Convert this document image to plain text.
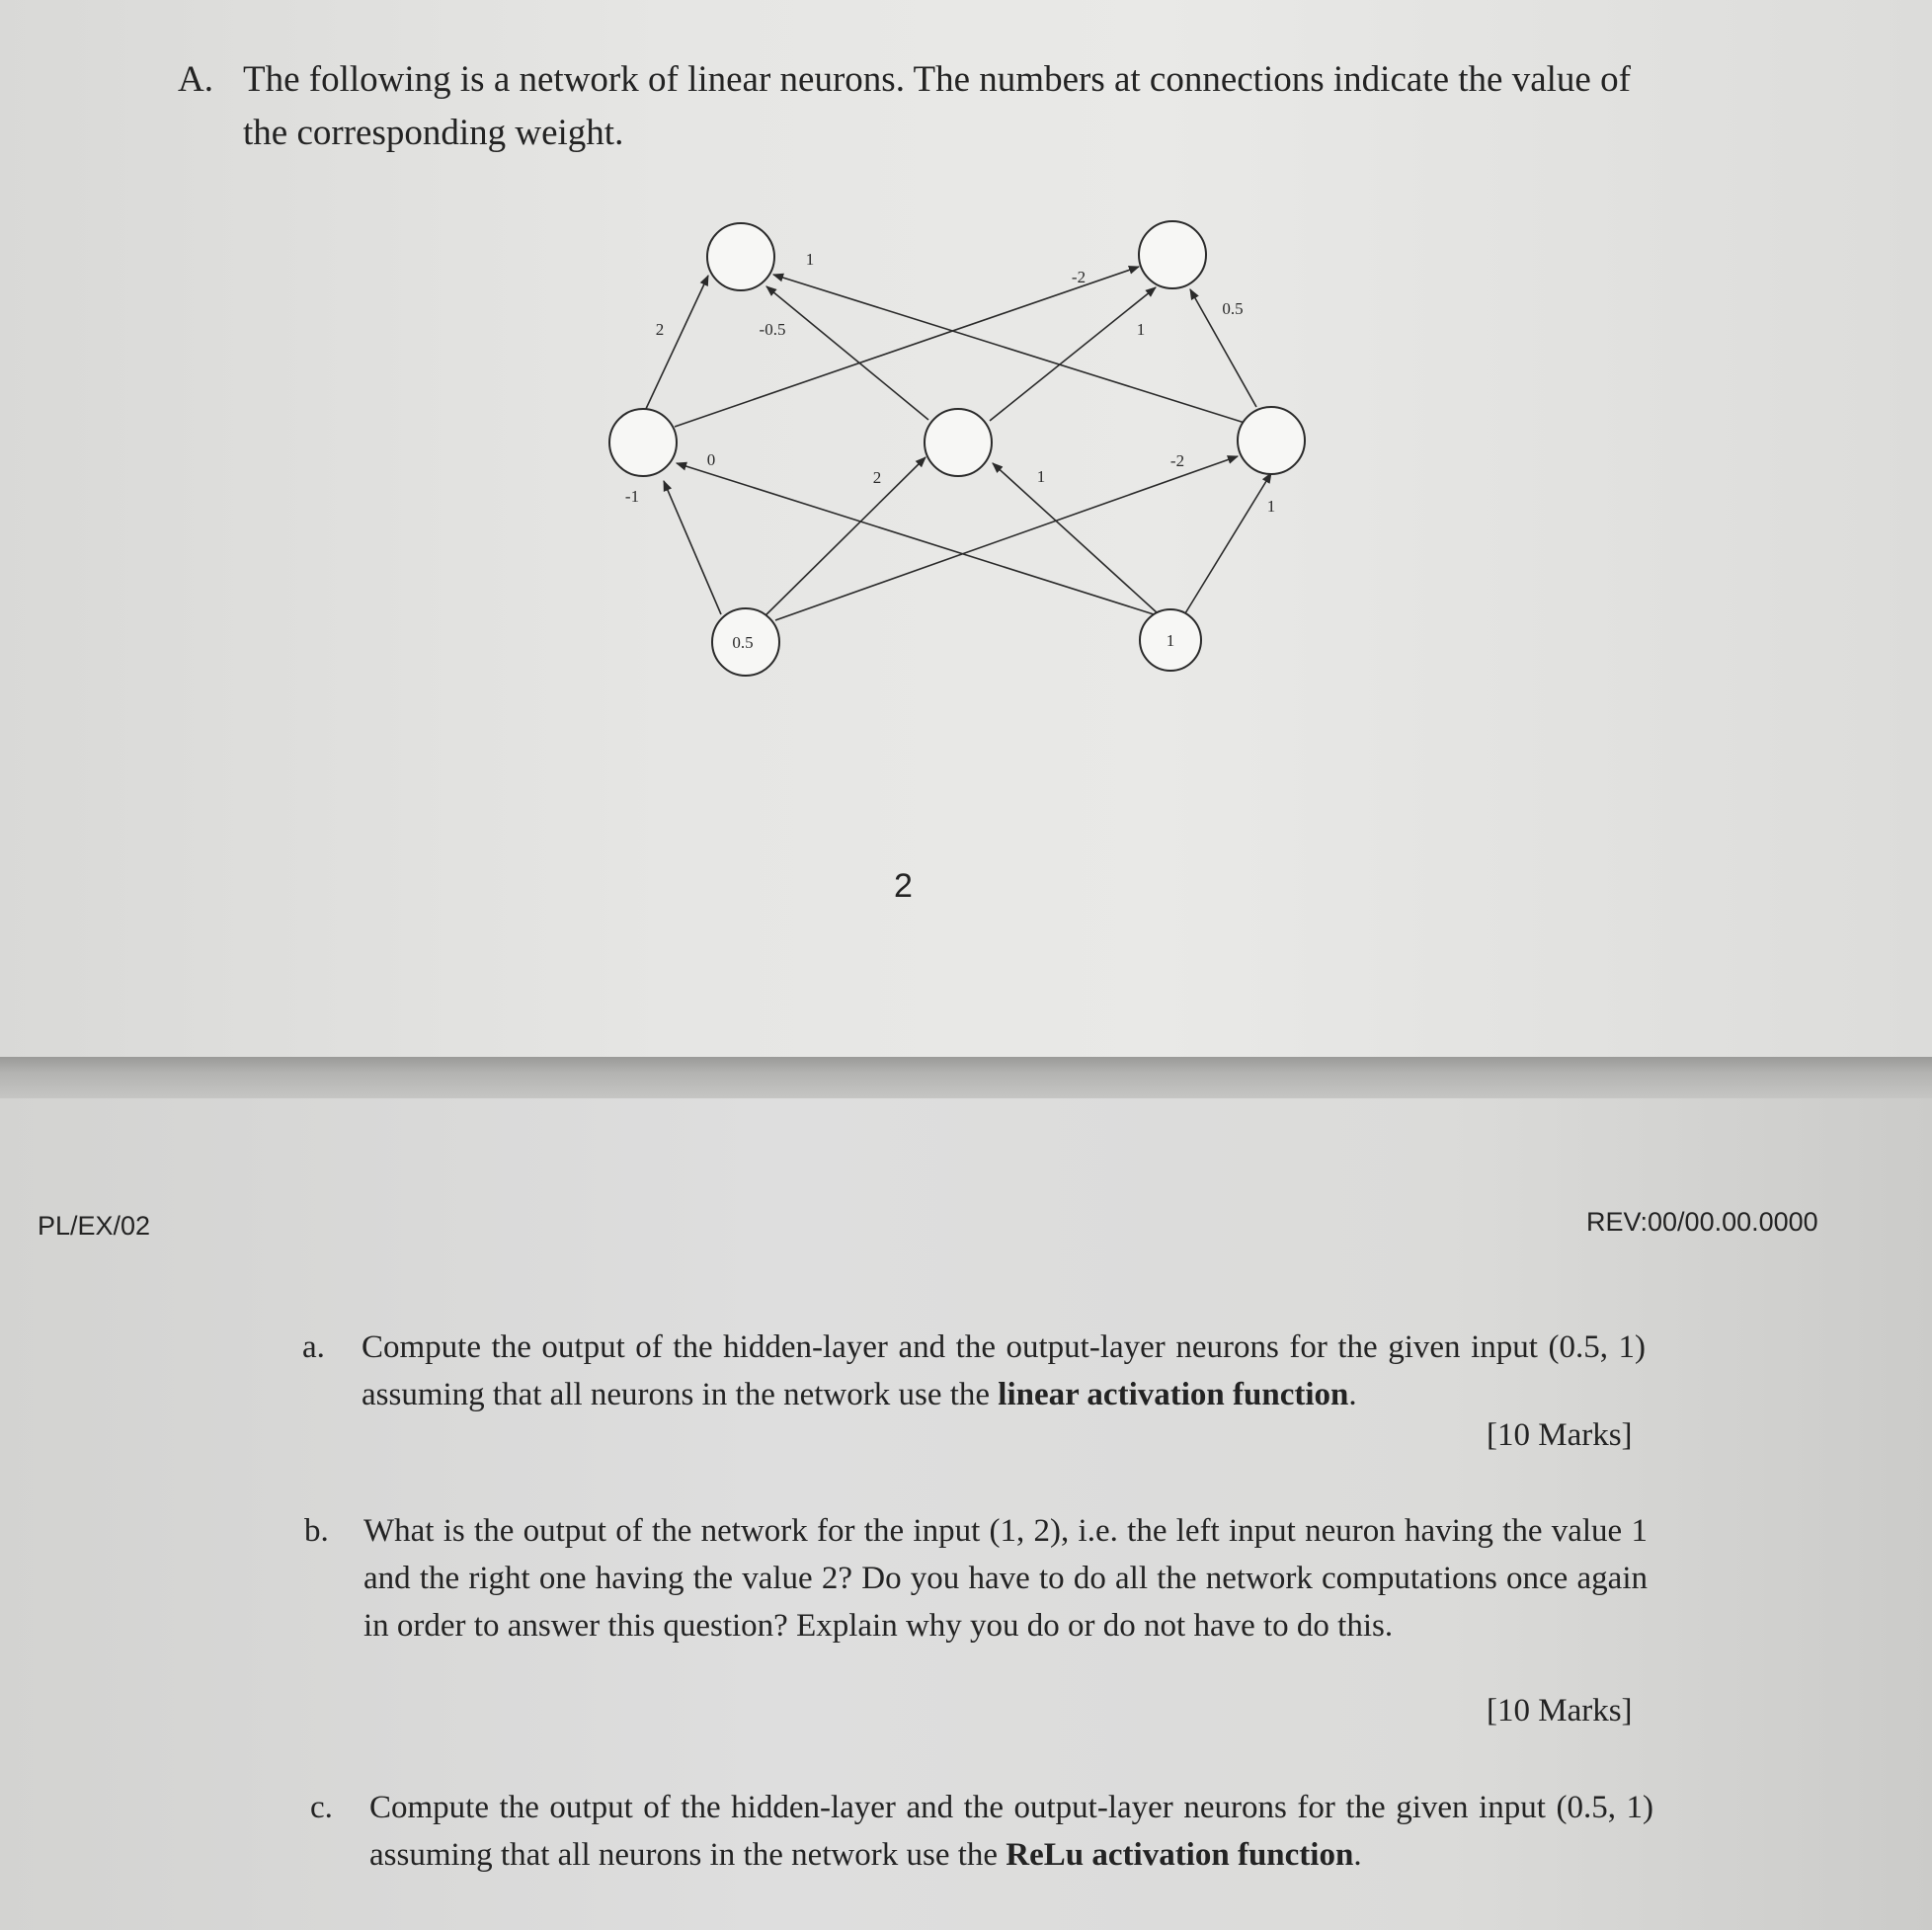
A. The following is a network of linear neurons. The numbers at connections indicate the value of the corresponding weight.
0.5	1
-1
2
-2
0
1
1
2	-0.5
1
-2
1
0.5
2
PL/EX/02	REV:00/00.00.0000
a. Compute the output of the hidden-layer and the output-layer neurons for the given input (0.5, 1) assuming that all neurons in the network use the linear activation function.
[10 Marks]
b. What is the output of the network for the input (1, 2), i.e. the left input neuron having the value 1 and the right one having the value 2? Do you have to do all the network computations once again in order to answer this question? Explain why you do or do not have to do this.
[10 Marks]
c. Compute the output of the hidden-layer and the output-layer neurons for the given input (0.5, 1) assuming that all neurons in the network use the ReLu activation function.
